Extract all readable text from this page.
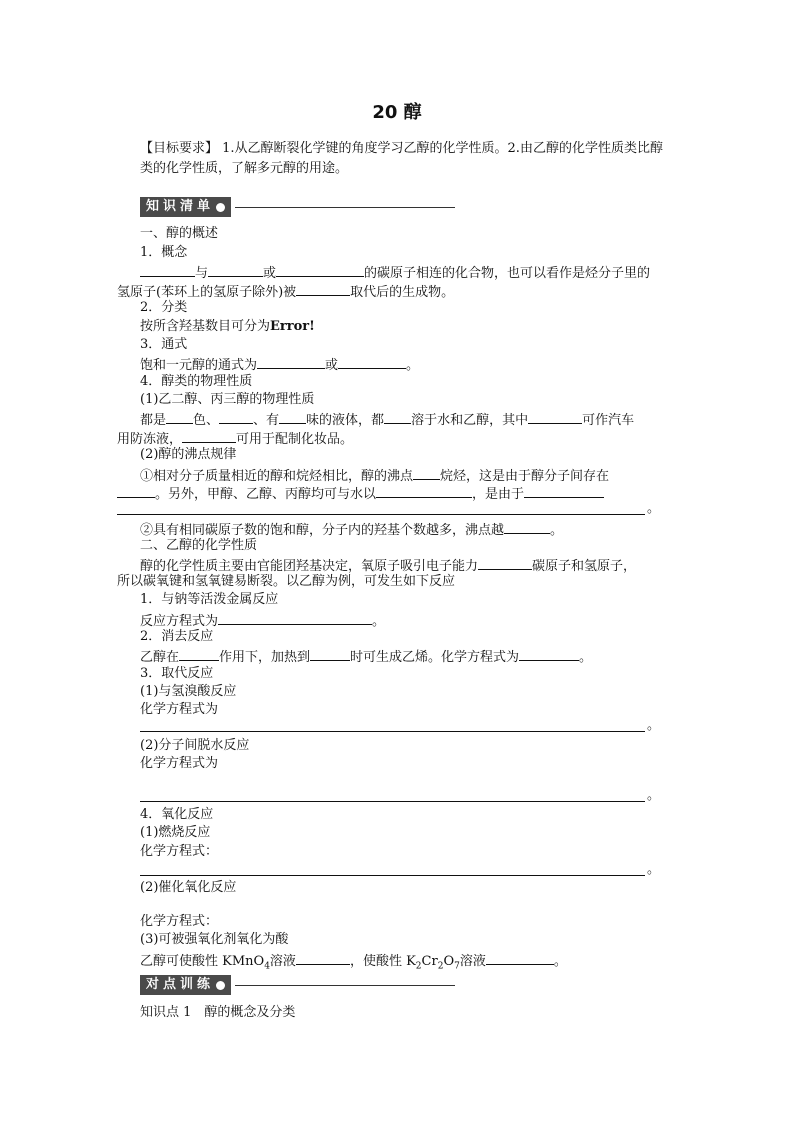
20 醇
【目标要求】 1.从乙醇断裂化学键的角度学习乙醇的化学性质。2.由乙醇的化学性质类比醇
类的化学性质，了解多元醇的用途。
知识清单
一、醇的概述
1．概念
与	或	的碳原子相连的化合物，也可以看作是烃分子里的
氢原子(苯环上的氢原子除外)被	取代后的生成物。
2．分类
按所含羟基数目可分为Error!
3．通式
饱和一元醇的通式为	或	。
4．醇类的物理性质
(1)乙二醇、丙三醇的物理性质
都是 色、	、有 味的液体，都 溶于水和乙醇，其中	可作汽车
用防冻液，	可用于配制化妆品。
(2)醇的沸点规律
①相对分子质量相近的醇和烷烃相比，醇的沸点 烷烃，这是由于醇分子间存在
。另外，甲醇、乙醇、丙醇均可与水以	，是由于
。
②具有相同碳原子数的饱和醇，分子内的羟基个数越多，沸点越	。
二、乙醇的化学性质
醇的化学性质主要由官能团羟基决定，氧原子吸引电子能力	碳原子和氢原子，
所以碳氧键和氢氧键易断裂。以乙醇为例，可发生如下反应
1．与钠等活泼金属反应
反应方程式为	。
2．消去反应
乙醇在	作用下，加热到	时可生成乙烯。化学方程式为	。
3．取代反应
(1)与氢溴酸反应
化学方程式为
。
(2)分子间脱水反应
化学方程式为
。
4．氧化反应
(1)燃烧反应
化学方程式：
。
(2)催化氧化反应
化学方程式：
(3)可被强氧化剂氧化为酸
乙醇可使酸性 KMnO$_4$溶液	，使酸性 $K_2Cr_2O_7$溶液	。
对点训练
知识点 1　醇的概念及分类
